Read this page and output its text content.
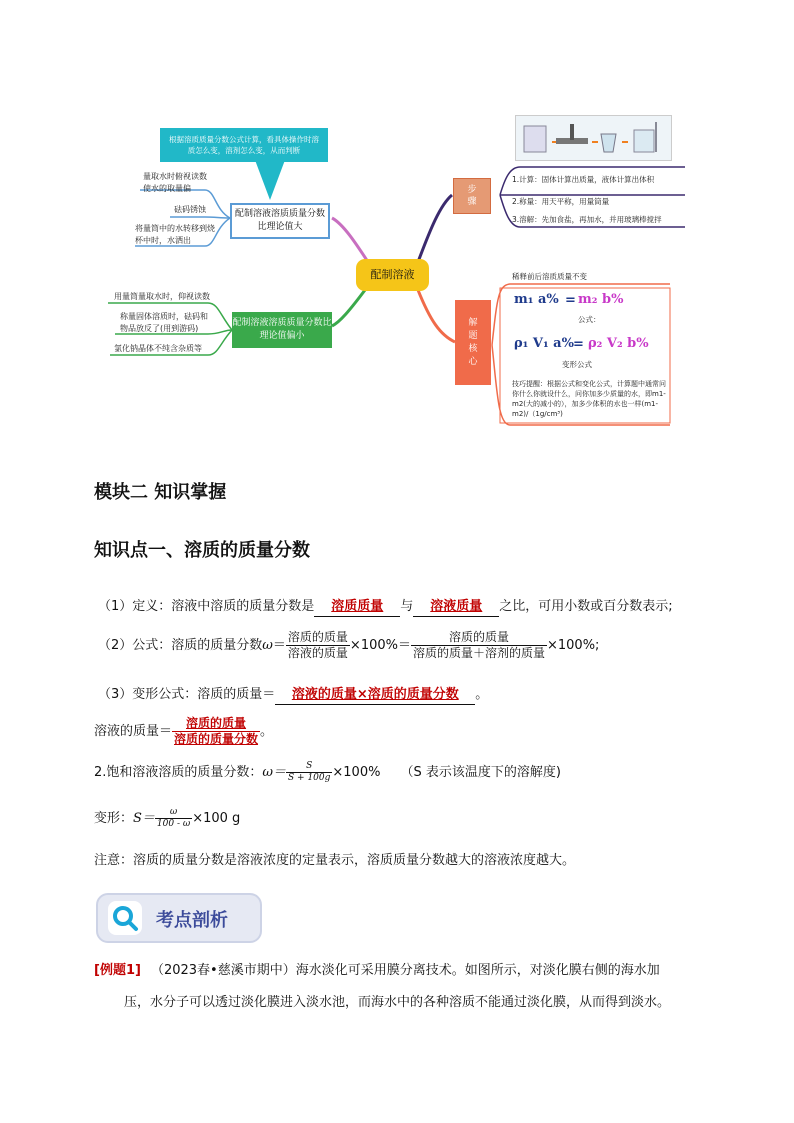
根据溶质质量分数公式计算，看具体操作时溶质怎么变，溶剂怎么变，从而判断
配制溶液
配制溶液溶质质量分数比理论值大
量取水时俯视读数使水的取量偏
砝码锈蚀
将量筒中的水转移到烧杯中时，水洒出
配制溶液溶质质量分数比理论值偏小
用量筒量取水时，仰视读数
称量固体溶质时，砝码和物品放反了(用到游码)
氯化钠晶体不纯含杂质等
步骤
1.计算：固体计算出质量，液体计算出体积
2.称量：用天平称，用量筒量
3.溶解：先加食盐，再加水，并用玻璃棒搅拌
解题核心
稀释前后溶质质量不变
m₁ a% = m₂ b%
公式：
ρ₁ V₁ a% = ρ₂ V₂ b%
变形公式
技巧提醒：根据公式和变化公式，计算题中通常问你什么你就设什么，问你加多少质量的水，即m1-m2(大的减小的），加多少体积的水也一样(m1-m2)/（1g/cm³)
模块二 知识掌握
知识点一、溶质的质量分数
（1）定义：溶液中溶质的质量分数是 溶质质量 与 溶液质量 之比，可用小数或百分数表示;
（2）公式：溶质的质量分数 $\omega = \frac{\text{溶质的质量}}{\text{溶液的质量}} \times 100\%= \frac{\text{溶质的质量}}{\text{溶质的质量＋溶剂的质量}} \times 100\%$;
（3）变形公式：溶质的质量＝ 溶液的质量×溶质的质量分数 。
溶液的质量＝ $\frac{\text{溶质的质量}}{\text{溶质的质量分数}}$ 。
2.饱和溶液溶质的质量分数： $\omega= \frac{S}{S + 100g} \times 100\%$ （S 表示该温度下的溶解度)
变形： $S= \frac{\omega}{100 - \omega} \times 100$ g
注意：溶质的质量分数是溶液浓度的定量表示，溶质质量分数越大的溶液浓度越大。
考点剖析
[例题1] （2023春•慈溪市期中）海水淡化可采用膜分离技术。如图所示，对淡化膜右侧的海水加
压，水分子可以透过淡化膜进入淡水池，而海水中的各种溶质不能通过淡化膜，从而得到淡水。
